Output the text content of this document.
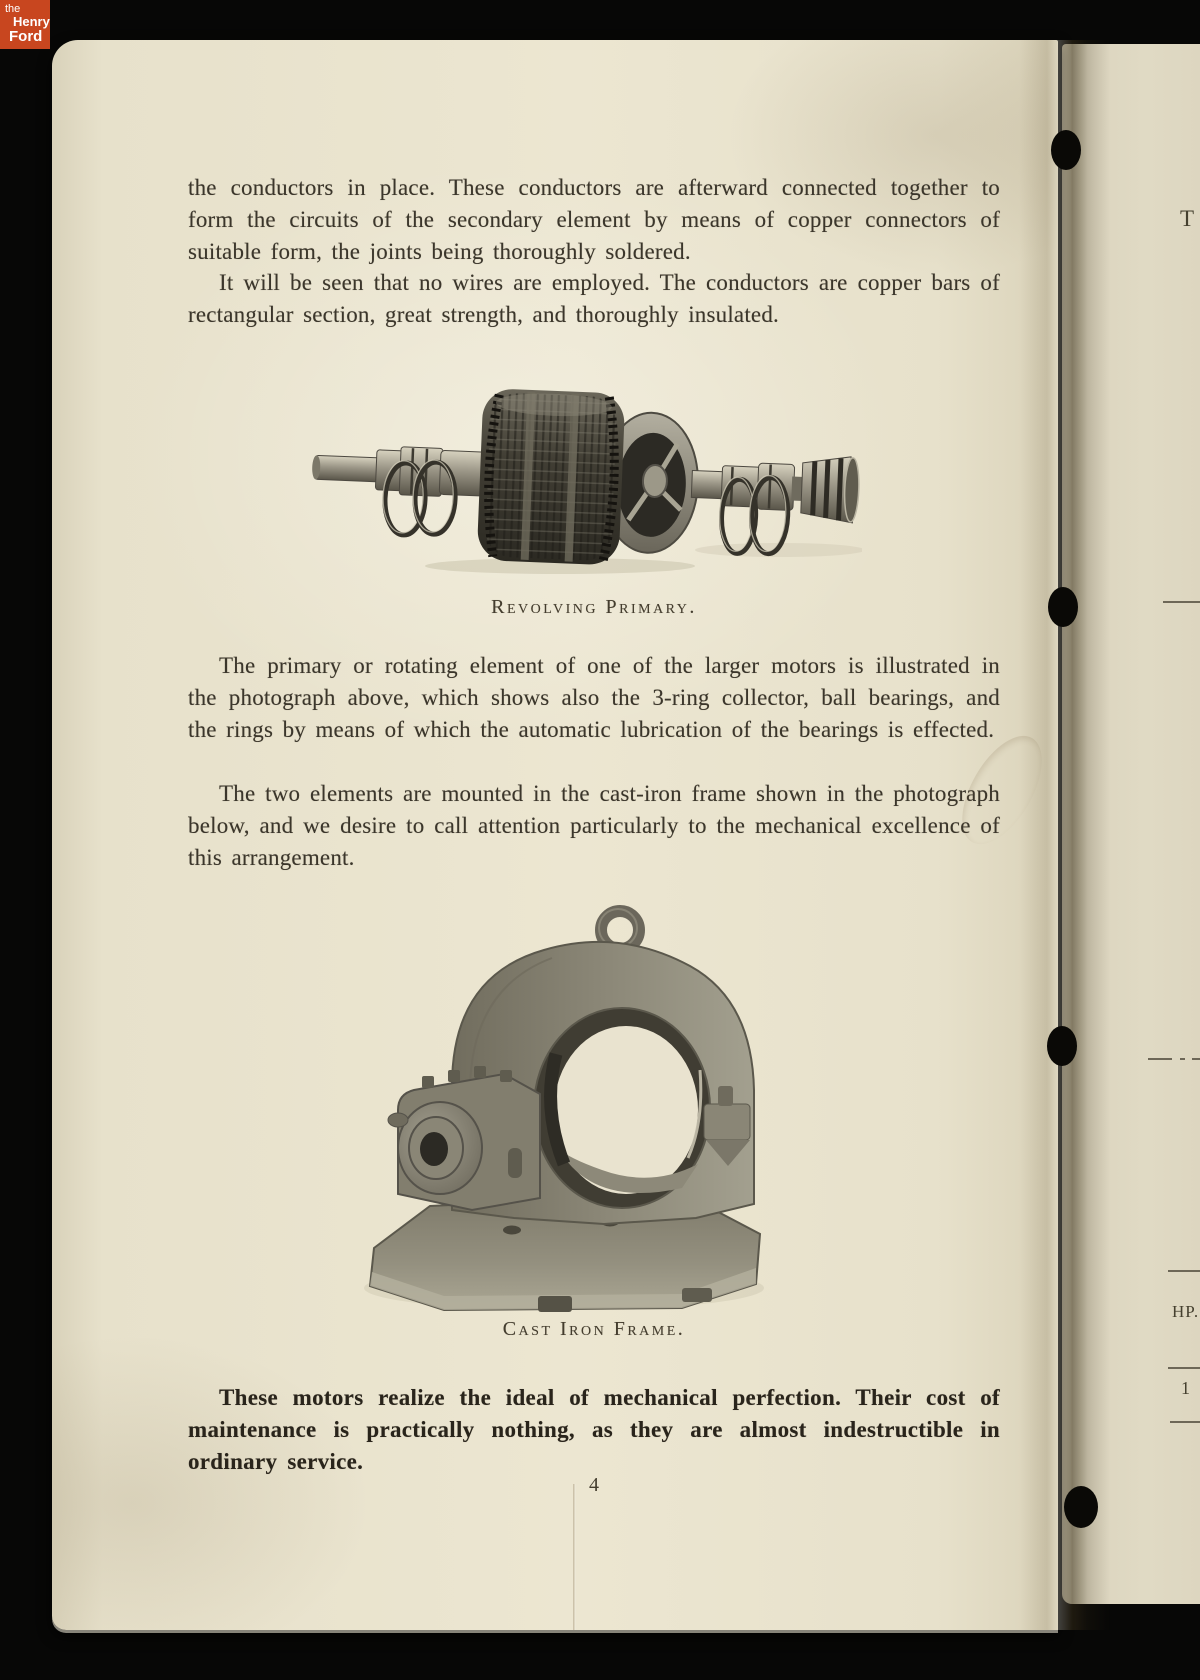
T
HP.
1

the conductors in place. These conductors are afterward connected together to form the circuits of the secondary element by means of copper connectors of suitable form, the joints being thoroughly soldered.

It will be seen that no wires are employed. The conductors are copper bars of rectangular section, great strength, and thoroughly insulated.

Revolving Primary.

The primary or rotating element of one of the larger motors is illustrated in the photograph above, which shows also the 3-ring collector, ball bearings, and the rings by means of which the automatic lubrication of the bearings is effected.

The two elements are mounted in the cast-iron frame shown in the photograph below, and we desire to call attention particularly to the mechanical excellence of this arrangement.

Cast Iron Frame.

These motors realize the ideal of mechanical perfection. Their cost of maintenance is practically nothing, as they are almost indestructible in ordinary service.

4
the
Henry
Ford
